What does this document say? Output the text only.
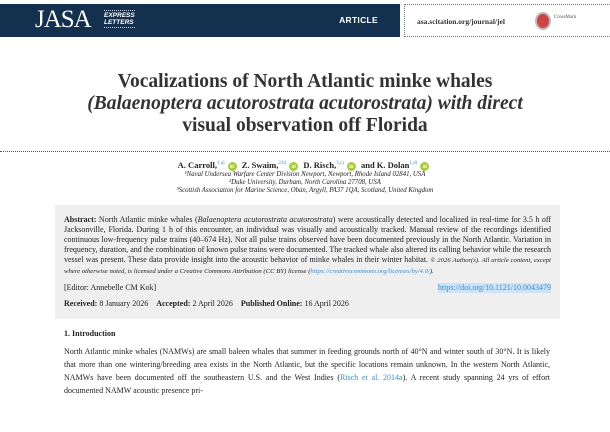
JASA EXPRESS
LETTERS	ARTICLE	asa.scitation.org/journal/jel	CrossMark
Vocalizations of North Atlantic minke whales
(Balaenoptera acutorostrata acutorostrata) with direct
visual observation off Florida
A. Carroll,$^{1,a)}$ iD Z. Swaim,$^{2,b)}$ iD D. Risch,$^{3,c)}$ iD and K. Dolan$^{1,d)}$ iD
¹Naval Undersea Warfare Center Division Newport, Newport, Rhode Island 02841, USA
²Duke University, Durham, North Carolina 27708, USA
³Scottish Association for Marine Science, Oban, Argyll, PA37 1QA, Scotland, United Kingdom
Abstract: North Atlantic minke whales (Balaenoptera acutorostrata acutorostrata) were acoustically detected and localized in real-time for 3.5 h off Jacksonville, Florida. During 1 h of this encounter, an individual was visually and acoustically tracked. Manual review of the recordings identified continuous low-frequency pulse trains (40–674 Hz). Not all pulse trains observed have been documented previously in the North Atlantic. Variation in frequency, duration, and the combination of known pulse trains were documented. The tracked whale also altered its calling behavior while the research vessel was present. These data provide insight into the acoustic behavior of minke whales in their winter habitat. © 2026 Author(s). All article content, except where otherwise noted, is licensed under a Creative Commons Attribution (CC BY) license (https://creativecommons.org/licenses/by/4.0/).
[Editor: Annebelle CM Kok]	https://doi.org/10.1121/10.0043479
Received: 8 January 2026 Accepted: 2 April 2026 Published Online: 16 April 2026
1. Introduction
North Atlantic minke whales (NAMWs) are small baleen whales that summer in feeding grounds north of 40°N and winter south of 30°N. It is likely that more than one wintering/breeding area exists in the North Atlantic, but the specific locations remain unknown. In the western North Atlantic, NAMWs have been documented off the southeastern U.S. and the West Indies (Risch et al. 2014a). A recent study spanning 24 yrs of effort documented NAMW acoustic presence pri-
